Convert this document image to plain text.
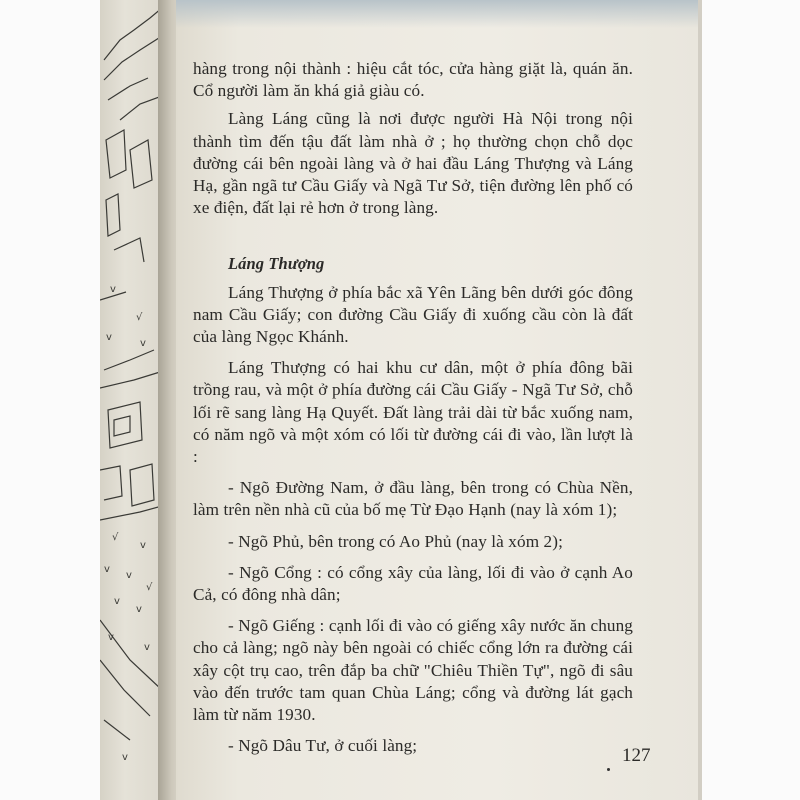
v
√
v
v
√
v
v
v
√
v
v
v
v
v

hàng trong nội thành : hiệu cắt tóc, cửa hàng giặt là, quán ăn. Cổ người làm ăn khá giả giàu có.

Làng Láng cũng là nơi được người Hà Nội trong nội thành tìm đến tậu đất làm nhà ở ; họ thường chọn chỗ dọc đường cái bên ngoài làng và ở hai đầu Láng Thượng và Láng Hạ, gần ngã tư Cầu Giấy và Ngã Tư Sở, tiện đường lên phố có xe điện, đất lại rẻ hơn ở trong làng.

Láng Thượng

Láng Thượng ở phía bắc xã Yên Lãng bên dưới góc đông nam Cầu Giấy; con đường Cầu Giấy đi xuống cầu còn là đất của làng Ngọc Khánh.

Láng Thượng có hai khu cư dân, một ở phía đông bãi trồng rau, và một ở phía đường cái Cầu Giấy - Ngã Tư Sở, chỗ lối rẽ sang làng Hạ Quyết. Đất làng trải dài từ bắc xuống nam, có năm ngõ và một xóm có lối từ đường cái đi vào, lần lượt là :

- Ngõ Đường Nam, ở đầu làng, bên trong có Chùa Nền, làm trên nền nhà cũ của bố mẹ Từ Đạo Hạnh (nay là xóm 1);

- Ngõ Phủ, bên trong có Ao Phủ (nay là xóm 2);

- Ngõ Cổng : có cổng xây của làng, lối đi vào ở cạnh Ao Cả, có đông nhà dân;

- Ngõ Giếng : cạnh lối đi vào có giếng xây nước ăn chung cho cả làng; ngõ này bên ngoài có chiếc cổng lớn ra đường cái xây cột trụ cao, trên đắp ba chữ "Chiêu Thiền Tự", ngõ đi sâu vào đến trước tam quan Chùa Láng; cổng và đường lát gạch làm từ năm 1930.

- Ngõ Dâu Tư, ở cuối làng;	127
